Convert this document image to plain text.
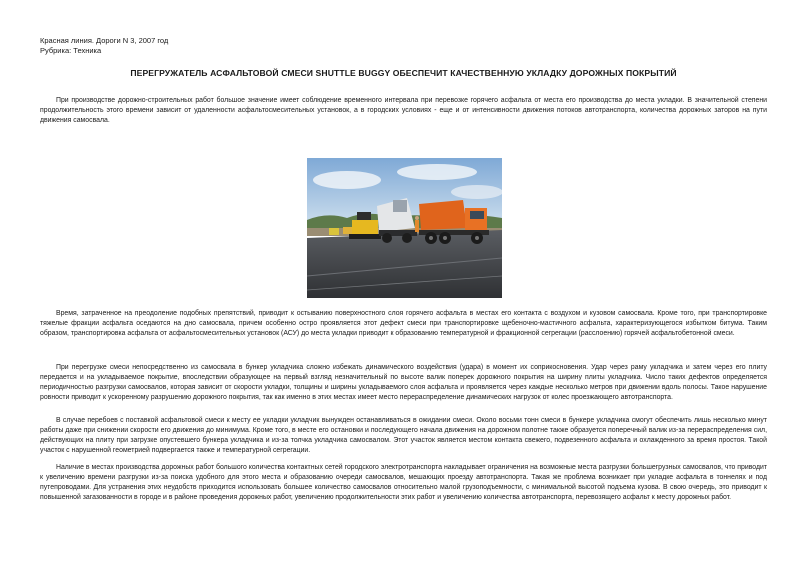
Красная линия. Дороги N 3, 2007 год
Рубрика: Техника
ПЕРЕГРУЖАТЕЛЬ АСФАЛЬТОВОЙ СМЕСИ SHUTTLE BUGGY ОБЕСПЕЧИТ КАЧЕСТВЕННУЮ УКЛАДКУ ДОРОЖНЫХ ПОКРЫТИЙ

При производстве дорожно-строительных работ большое значение имеет соблюдение временного интервала при перевозке горячего асфальта от места его производства до места укладки. В значительной степени продолжительность этого времени зависит от удаленности асфальтосмесительных установок, а в городских условиях - еще и от интенсивности движения потоков автотранспорта, количества дорожных заторов на пути движения самосвала.

Время, затраченное на преодоление подобных препятствий, приводит к остыванию поверхностного слоя горячего асфальта в местах его контакта с воздухом и кузовом самосвала. Кроме того, при транспортировке тяжелые фракции асфальта оседаются на дно самосвала, причем особенно остро проявляется этот дефект смеси при транспортировке щебеночно-мастичного асфальта, характеризующегося избытком битума. Таким образом, транспортировка асфальта от асфальтосмесительных установок (АСУ) до места укладки приводит к образованию температурной и фракционной сегрегации (расслоению) горячей асфальтобетонной смеси.

При перегрузке смеси непосредственно из самосвала в бункер укладчика сложно избежать динамического воздействия (удара) в момент их соприкосновения. Удар через раму укладчика и затем через его плиту передается и на укладываемое покрытие, впоследствии образующее на первый взгляд незначительный по высоте валик поперек дорожного покрытия на ширину плиты укладчика. Число таких дефектов определяется периодичностью разгрузки самосвалов, которая зависит от скорости укладки, толщины и ширины укладываемого слоя асфальта и проявляется через каждые несколько метров при движении вдоль полосы. Такое нарушение ровности приводит к ускоренному разрушению дорожного покрытия, так как именно в этих местах имеет место перераспределение динамических нагрузок от колес проезжающего автотранспорта.

В случае перебоев с поставкой асфальтовой смеси к месту ее укладки укладчик вынужден останавливаться в ожидании смеси. Около восьми тонн смеси в бункере укладчика смогут обеспечить лишь несколько минут работы даже при снижении скорости его движения до минимума. Кроме того, в месте его остановки и последующего начала движения на дорожном полотне также образуется поперечный валик из-за перераспределения сил, действующих на плиту при загрузке опустевшего бункера укладчика и из-за толчка укладчика самосвалом. Этот участок является местом контакта свежего, подвезенного асфальта и охлажденного за время простоя. Такой участок с нарушенной геометрией подвергается также и температурной сегрегации.

Наличие в местах производства дорожных работ большого количества контактных сетей городского электротранспорта накладывает ограничения на возможные места разгрузки большегрузных самосвалов, что приводит к увеличению времени разгрузки из-за поиска удобного для этого места и образованию очереди самосвалов, мешающих проезду автотранспорта. Такая же проблема возникает при укладке асфальта в тоннелях и под путепроводами. Для устранения этих неудобств приходится использовать большее количество самосвалов относительно малой грузоподъемности, с минимальной высотой подъема кузова. В свою очередь, это приводит к повышенной загазованности в городе и в районе проведения дорожных работ, увеличению продолжительности этих работ и увеличению количества автотранспорта, перевозящего асфальт к месту дорожных работ.
